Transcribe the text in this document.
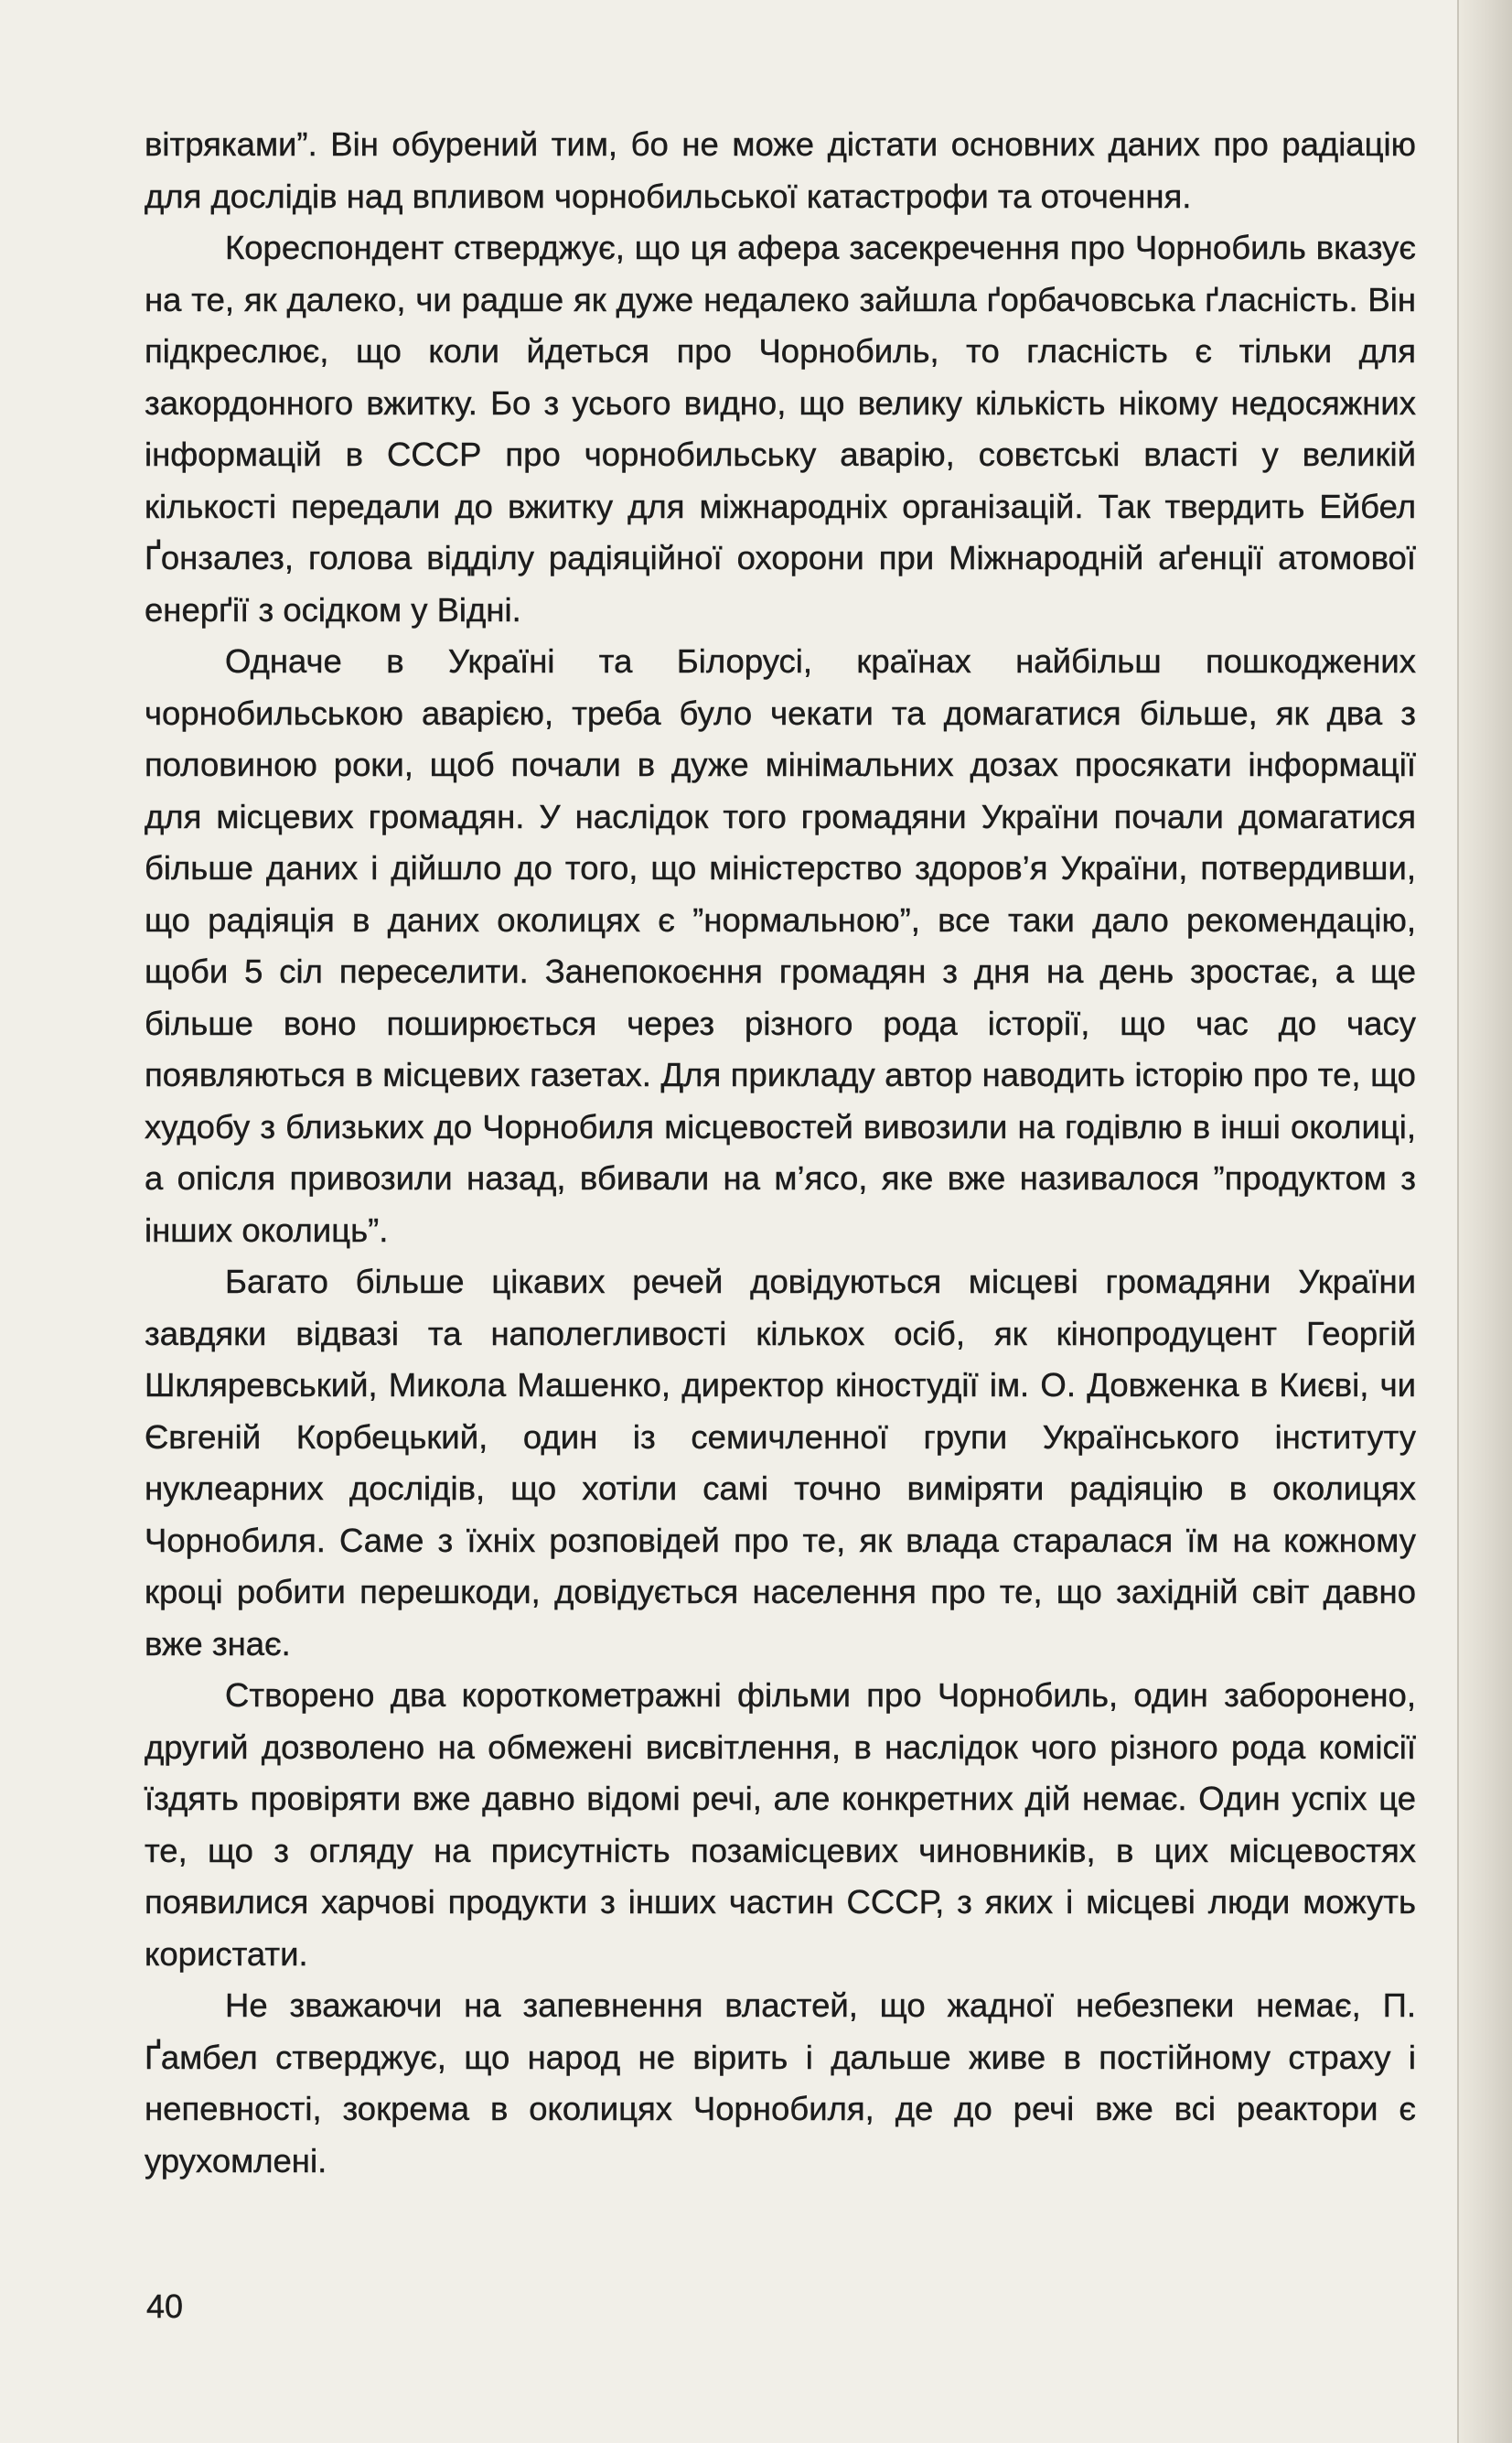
вітряками”. Він обурений тим, бо не може дістати основних даних про радіацію для дослідів над впливом чорнобильської катастрофи та оточення.

Кореспондент стверджує, що ця афера засекречення про Чорнобиль вказує на те, як далеко, чи радше як дуже недалеко зайшла ґорбачовська ґласність. Він підкреслює, що коли йдеться про Чорнобиль, то гласність є тільки для закордонного вжитку. Бо з усього видно, що велику кількість нікому недосяжних інформацій в СССР про чорнобильську аварію, совєтські власті у великій кількості передали до вжитку для міжнародніх організацій. Так твердить Ейбел Ґонзалез, голова відділу радіяційної охорони при Міжнародній аґенції атомової енерґії з осідком у Відні.

Одначе в Україні та Білорусі, країнах найбільш пошкоджених чорнобильською аварією, треба було чекати та домагатися більше, як два з половиною роки, щоб почали в дуже мінімальних дозах просякати інформації для місцевих громадян. У наслідок того громадяни України почали домагатися більше даних і дійшло до того, що міністерство здоров’я України, потвердивши, що радіяція в даних околицях є ”нормальною”, все таки дало рекомендацію, щоби 5 сіл переселити. Занепокоєння громадян з дня на день зростає, а ще більше воно поширюється через різного рода історії, що час до часу появляються в місцевих газетах. Для прикладу автор наводить історію про те, що худобу з близьких до Чорнобиля місцевостей вивозили на годівлю в інші околиці, а опісля привозили назад, вбивали на м’ясо, яке вже називалося ”продуктом з інших околиць”.

Багато більше цікавих речей довідуються місцеві громадяни України завдяки відвазі та наполегливості кількох осіб, як кінопродуцент Георгій Шкляревський, Микола Машенко, директор кіностудії ім. О. Довженка в Києві, чи Євгеній Корбецький, один із семичленної групи Українського інституту нуклеарних дослідів, що хотіли самі точно виміряти радіяцію в околицях Чорнобиля. Саме з їхніх розповідей про те, як влада старалася їм на кожному кроці робити перешкоди, довідується населення про те, що західній світ давно вже знає.

Створено два короткометражні фільми про Чорнобиль, один заборонено, другий дозволено на обмежені висвітлення, в наслідок чого різного рода комісії їздять провіряти вже давно відомі речі, але конкретних дій немає. Один успіх це те, що з огляду на присутність позамісцевих чиновників, в цих місцевостях появилися харчові продукти з інших частин СССР, з яких і місцеві люди можуть користати.

Не зважаючи на запевнення властей, що жадної небезпеки немає, П. Ґамбел стверджує, що народ не вірить і дальше живе в постійному страху і непевності, зокрема в околицях Чорнобиля, де до речі вже всі реактори є урухомлені.

40
